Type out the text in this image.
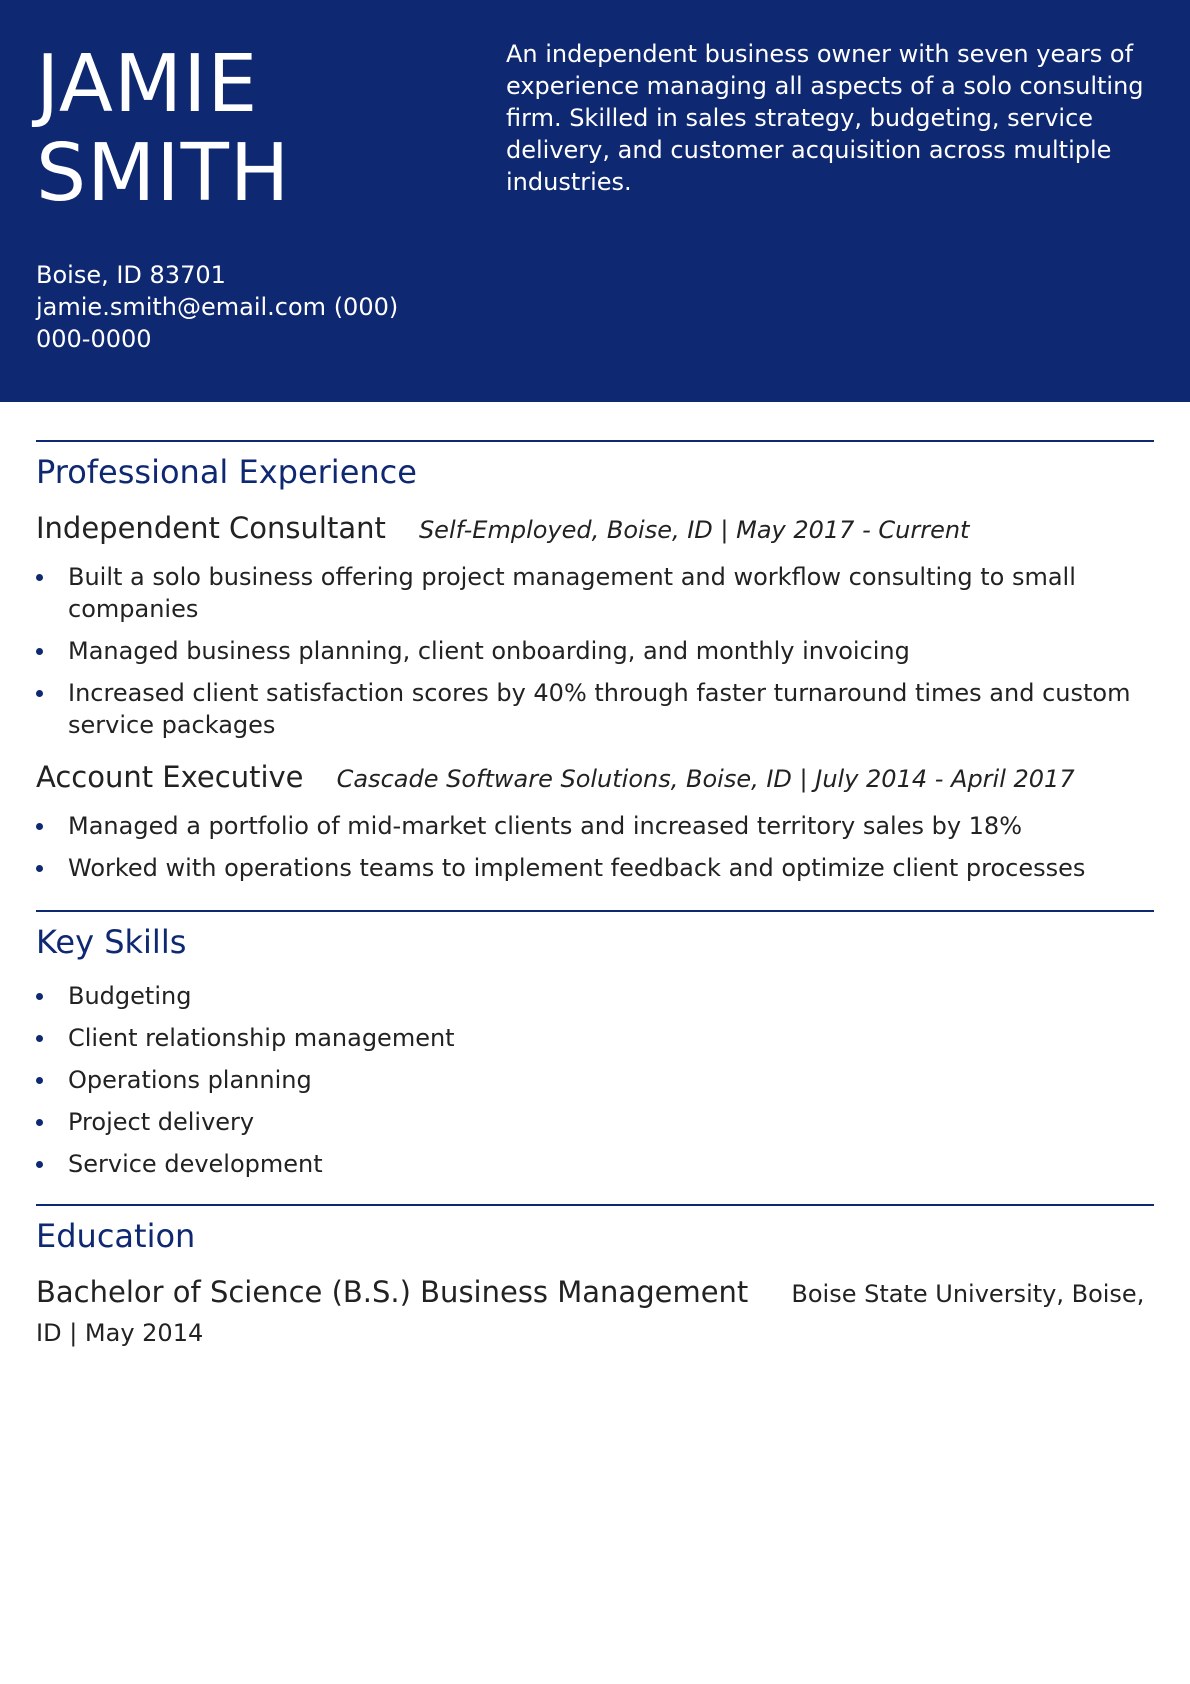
JAMIE
SMITH
Boise, ID 83701
jamie.smith@email.com (000)
000-0000
An independent business owner with seven years of experience managing all aspects of a solo consulting firm. Skilled in sales strategy, budgeting, service delivery, and customer acquisition across multiple industries.
Professional Experience
Independent Consultant Self-Employed, Boise, ID | May 2017 - Current
Built a solo business offering project management and workflow consulting to small companies
Managed business planning, client onboarding, and monthly invoicing
Increased client satisfaction scores by 40% through faster turnaround times and custom service packages
Account Executive Cascade Software Solutions, Boise, ID | July 2014 - April 2017
Managed a portfolio of mid-market clients and increased territory sales by 18%
Worked with operations teams to implement feedback and optimize client processes
Key Skills
Budgeting
Client relationship management
Operations planning
Project delivery
Service development
Education
Bachelor of Science (B.S.) Business Management Boise State University, Boise, ID | May 2014
